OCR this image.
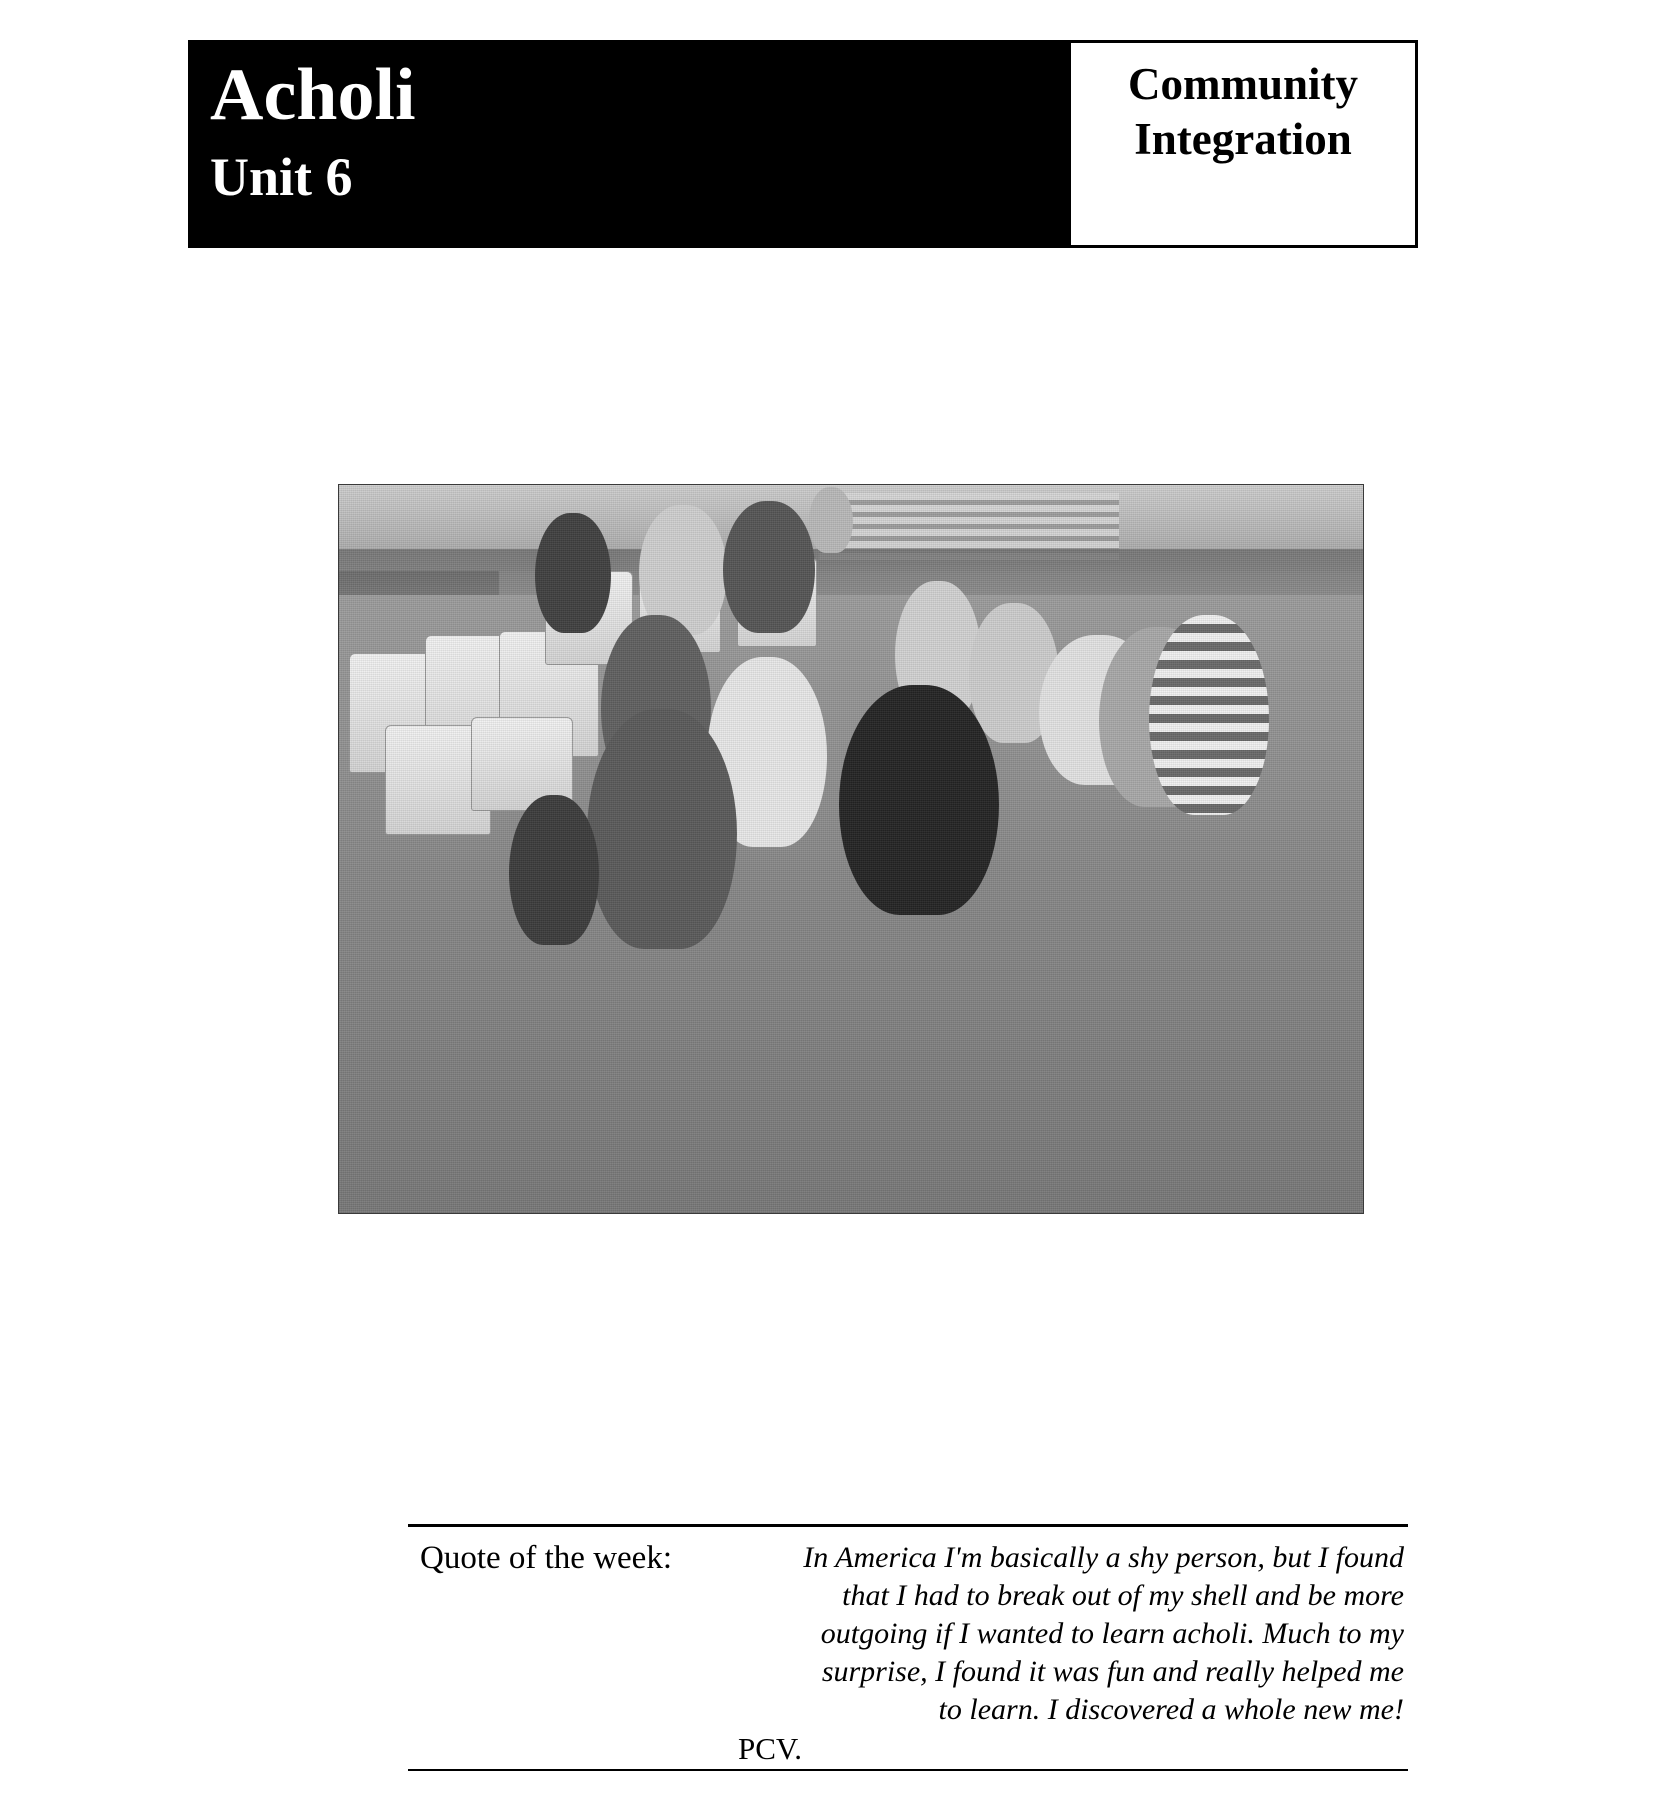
Acholi
Unit 6
Community
Integration
Quote of the week:	In America I'm basically a shy person, but I found that I had to break out of my shell and be more outgoing if I wanted to learn acholi. Much to my surprise, I found it was fun and really helped me to learn. I discovered a whole new me!
PCV.
